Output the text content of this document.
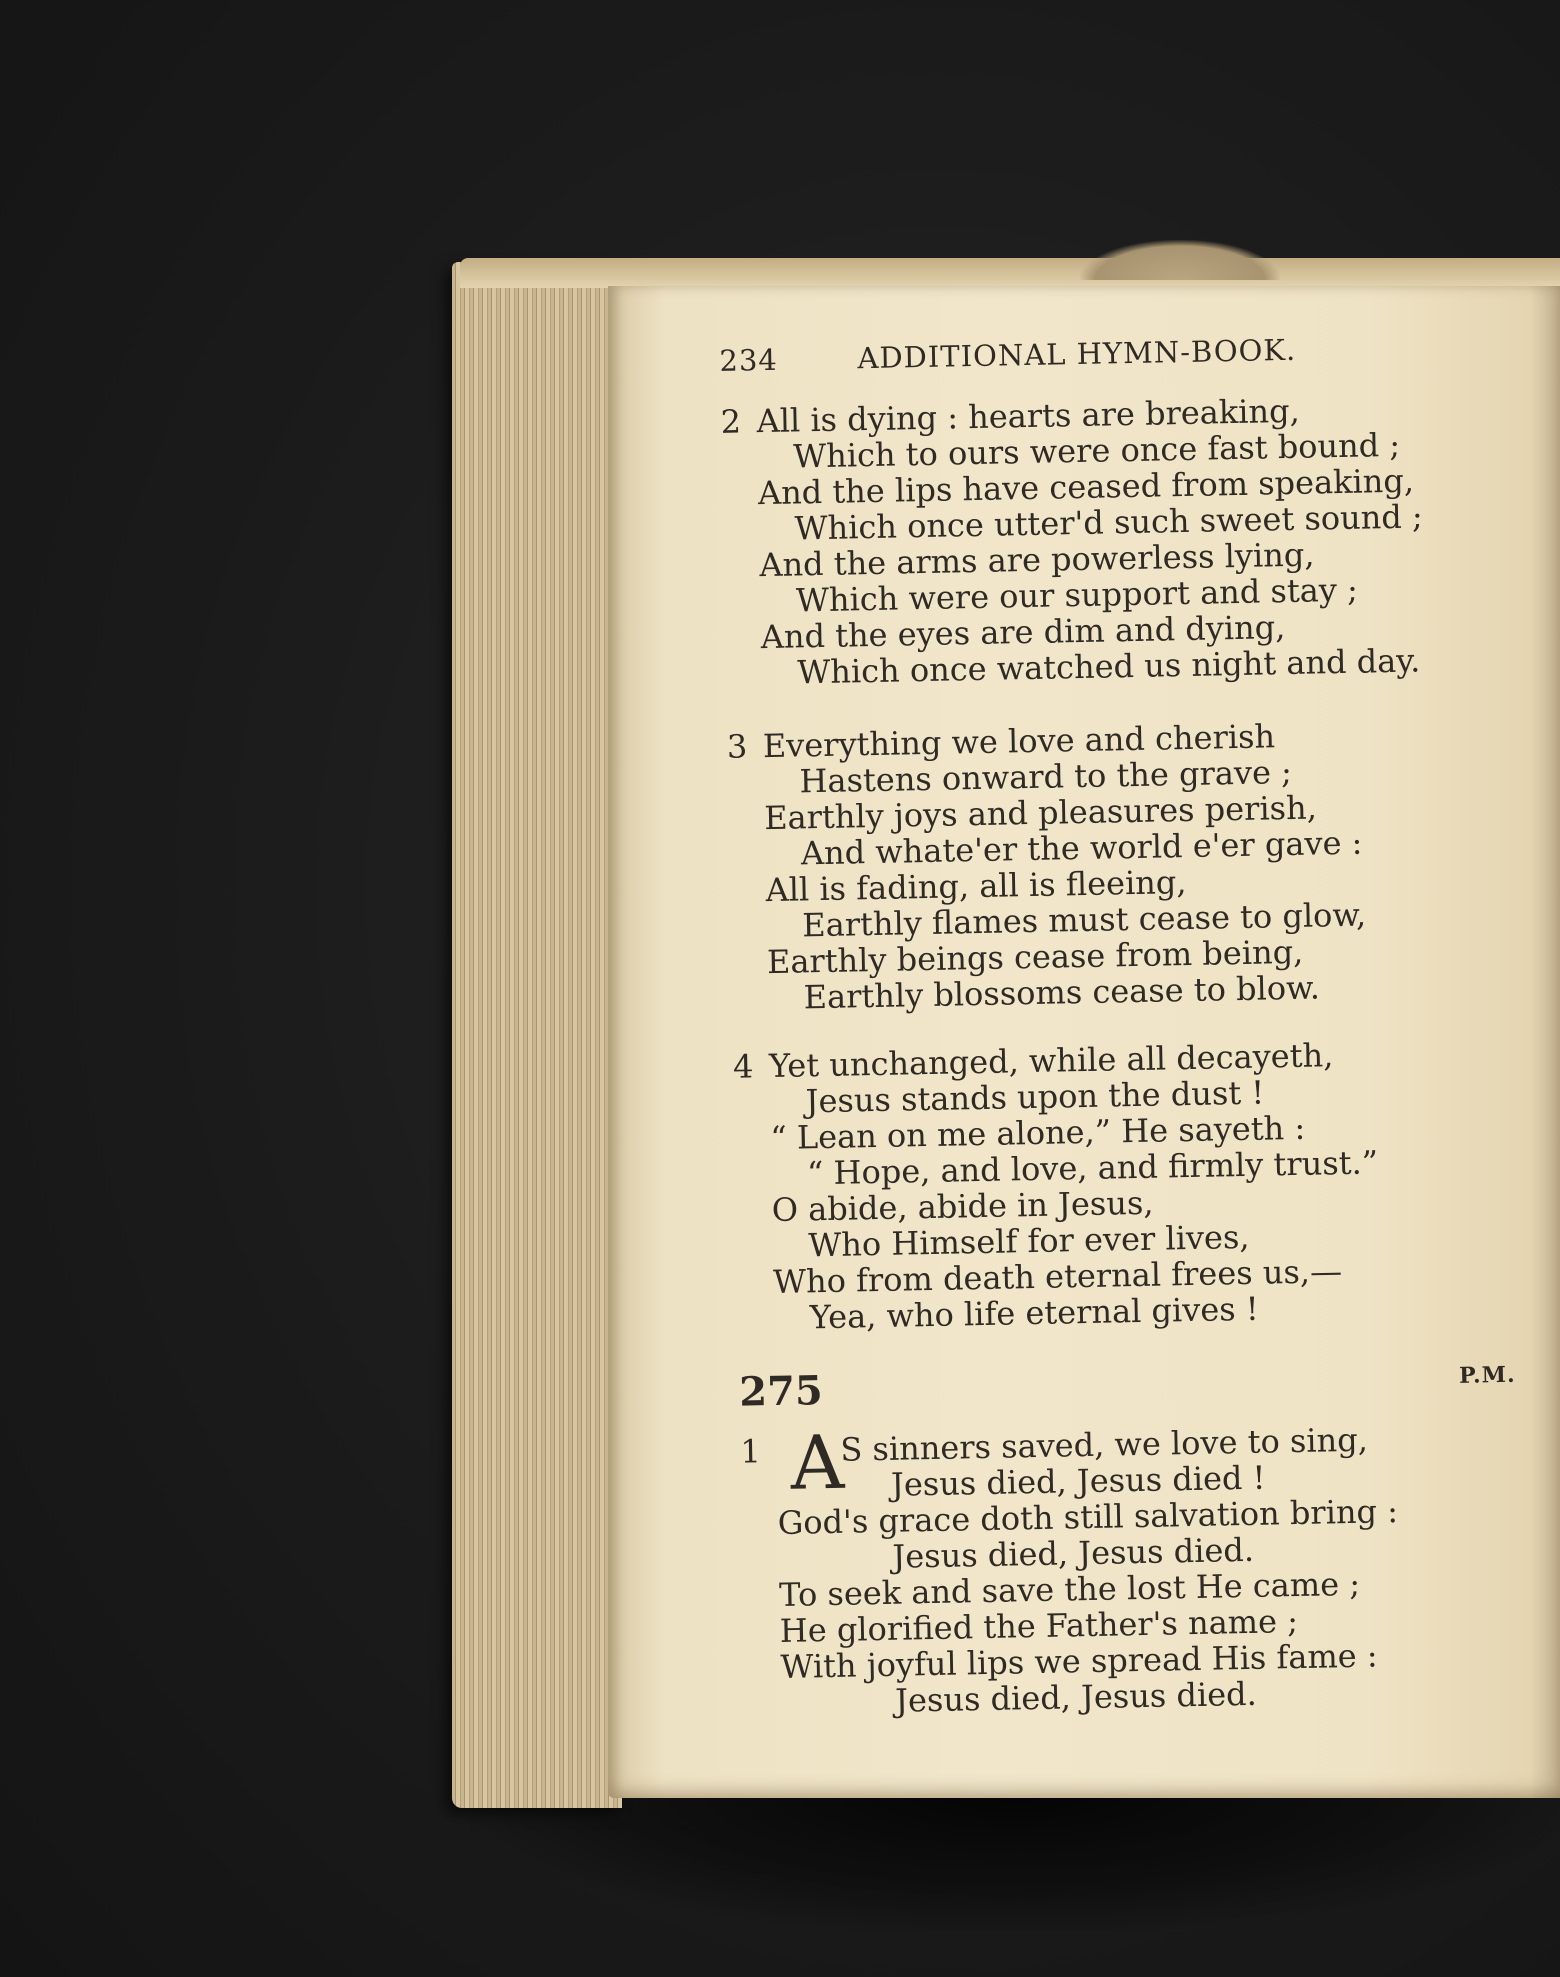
234	ADDITIONAL HYMN-BOOK.
2 All is dying : hearts are breaking,
Which to ours were once fast bound ;
And the lips have ceased from speaking,
Which once utter'd such sweet sound ;
And the arms are powerless lying,
Which were our support and stay ;
And the eyes are dim and dying,
Which once watched us night and day.
3 Everything we love and cherish
Hastens onward to the grave ;
Earthly joys and pleasures perish,
And whate'er the world e'er gave :
All is fading, all is fleeing,
Earthly flames must cease to glow,
Earthly beings cease from being,
Earthly blossoms cease to blow.
4 Yet unchanged, while all decayeth,
Jesus stands upon the dust !
“ Lean on me alone,” He sayeth :
“ Hope, and love, and firmly trust.”
O abide, abide in Jesus,
Who Himself for ever lives,
Who from death eternal frees us,—
Yea, who life eternal gives !
275	P.M.
1 A
S sinners saved, we love to sing,
Jesus died, Jesus died !
God's grace doth still salvation bring :
Jesus died, Jesus died.
To seek and save the lost He came ;
He glorified the Father's name ;
With joyful lips we spread His fame :
Jesus died, Jesus died.
